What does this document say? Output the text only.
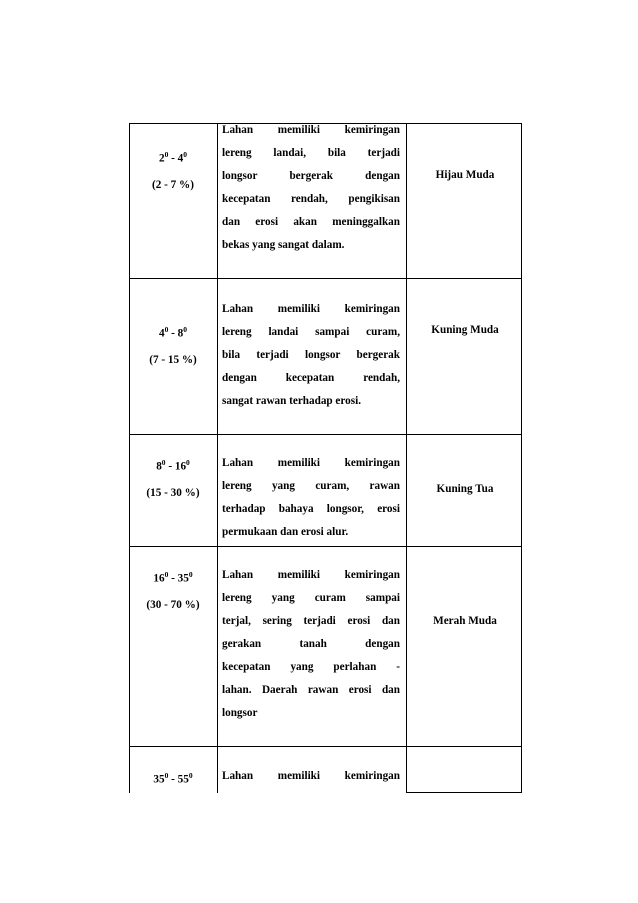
$2^0 - 4^0$
(2 - 7 %)

Lahan memiliki kemiringan

lereng landai, bila terjadi

longsor bergerak dengan

kecepatan rendah, pengikisan

dan erosi akan meninggalkan

bekas yang sangat dalam.

Hijau Muda
$4^0 - 8^0$
(7 - 15 %)

Lahan memiliki kemiringan

lereng landai sampai curam,

bila terjadi longsor bergerak

dengan kecepatan rendah,

sangat rawan terhadap erosi.

Kuning Muda
$8^0 - 16^0$
(15 - 30 %)

Lahan memiliki kemiringan

lereng yang curam, rawan

terhadap bahaya longsor, erosi

permukaan dan erosi alur.

Kuning Tua
$16^0 - 35^0$
(30 - 70 %)

Lahan memiliki kemiringan

lereng yang curam sampai

terjal, sering terjadi erosi dan

gerakan tanah dengan

kecepatan yang perlahan -

lahan. Daerah rawan erosi dan

longsor

Merah Muda
$35^0 - 55^0$	Lahan memiliki kemiringan
